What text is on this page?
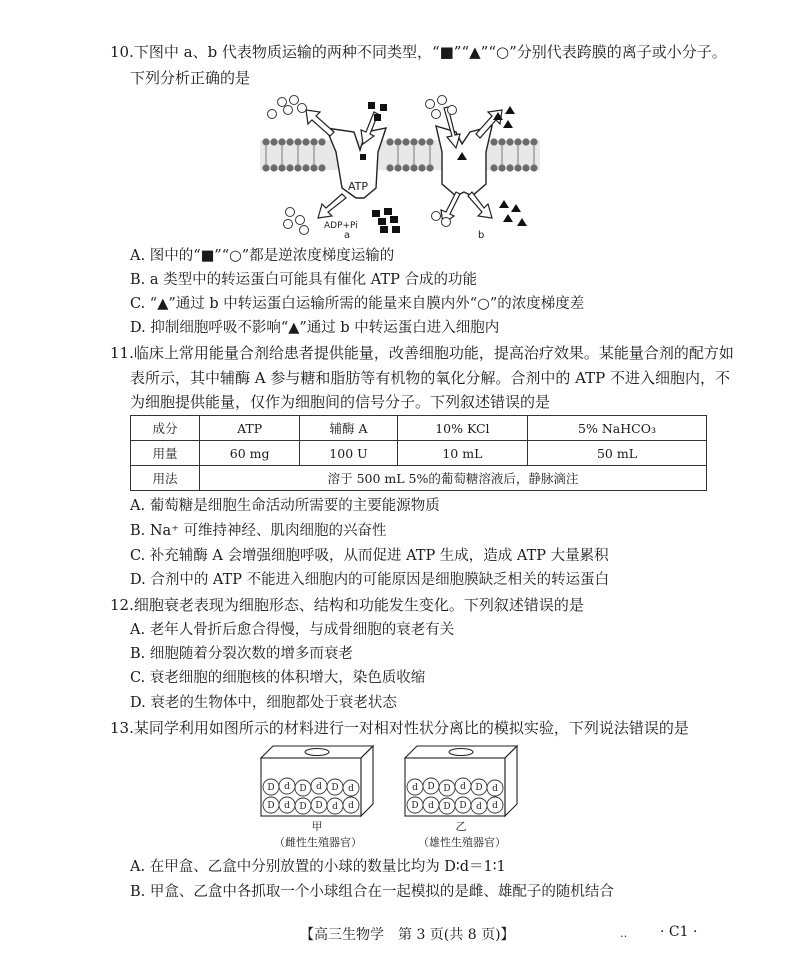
10.下图中 a、b 代表物质运输的两种不同类型，“■”“▲”“○”分别代表跨膜的离子或小分子。
下列分析正确的是
ATP
ADP+Pi
a	b
A. 图中的“■”“○”都是逆浓度梯度运输的
B. a 类型中的转运蛋白可能具有催化 ATP 合成的功能
C. “▲”通过 b 中转运蛋白运输所需的能量来自膜内外“○”的浓度梯度差
D. 抑制细胞呼吸不影响“▲”通过 b 中转运蛋白进入细胞内
11.临床上常用能量合剂给患者提供能量，改善细胞功能，提高治疗效果。某能量合剂的配方如
表所示，其中辅酶 A 参与糖和脂肪等有机物的氧化分解。合剂中的 ATP 不进入细胞内，不
为细胞提供能量，仅作为细胞间的信号分子。下列叙述错误的是
成分	ATP	辅酶 A	10% KCl	5% NaHCO₃
用量	60 mg	100 U	10 mL	50 mL
用法	溶于 500 mL 5%的葡萄糖溶液后，静脉滴注			
A. 葡萄糖是细胞生命活动所需要的主要能源物质
B. Na⁺ 可维持神经、肌肉细胞的兴奋性
C. 补充辅酶 A 会增强细胞呼吸，从而促进 ATP 生成，造成 ATP 大量累积
D. 合剂中的 ATP 不能进入细胞内的可能原因是细胞膜缺乏相关的转运蛋白
12.细胞衰老表现为细胞形态、结构和功能发生变化。下列叙述错误的是
A. 老年人骨折后愈合得慢，与成骨细胞的衰老有关
B. 细胞随着分裂次数的增多而衰老
C. 衰老细胞的细胞核的体积增大，染色质收缩
D. 衰老的生物体中，细胞都处于衰老状态
13.某同学利用如图所示的材料进行一对相对性状分离比的模拟实验，下列说法错误的是
D d D d D d
D d D D d d
d D D d D d
D d D D d d
甲	乙
（雌性生殖器官）	（雄性生殖器官）
A. 在甲盒、乙盒中分别放置的小球的数量比均为 D∶d＝1∶1
B. 甲盒、乙盒中各抓取一个小球组合在一起模拟的是雌、雄配子的随机结合
【高三生物学　第 3 页(共 8 页)】	‥ · C1 ·
